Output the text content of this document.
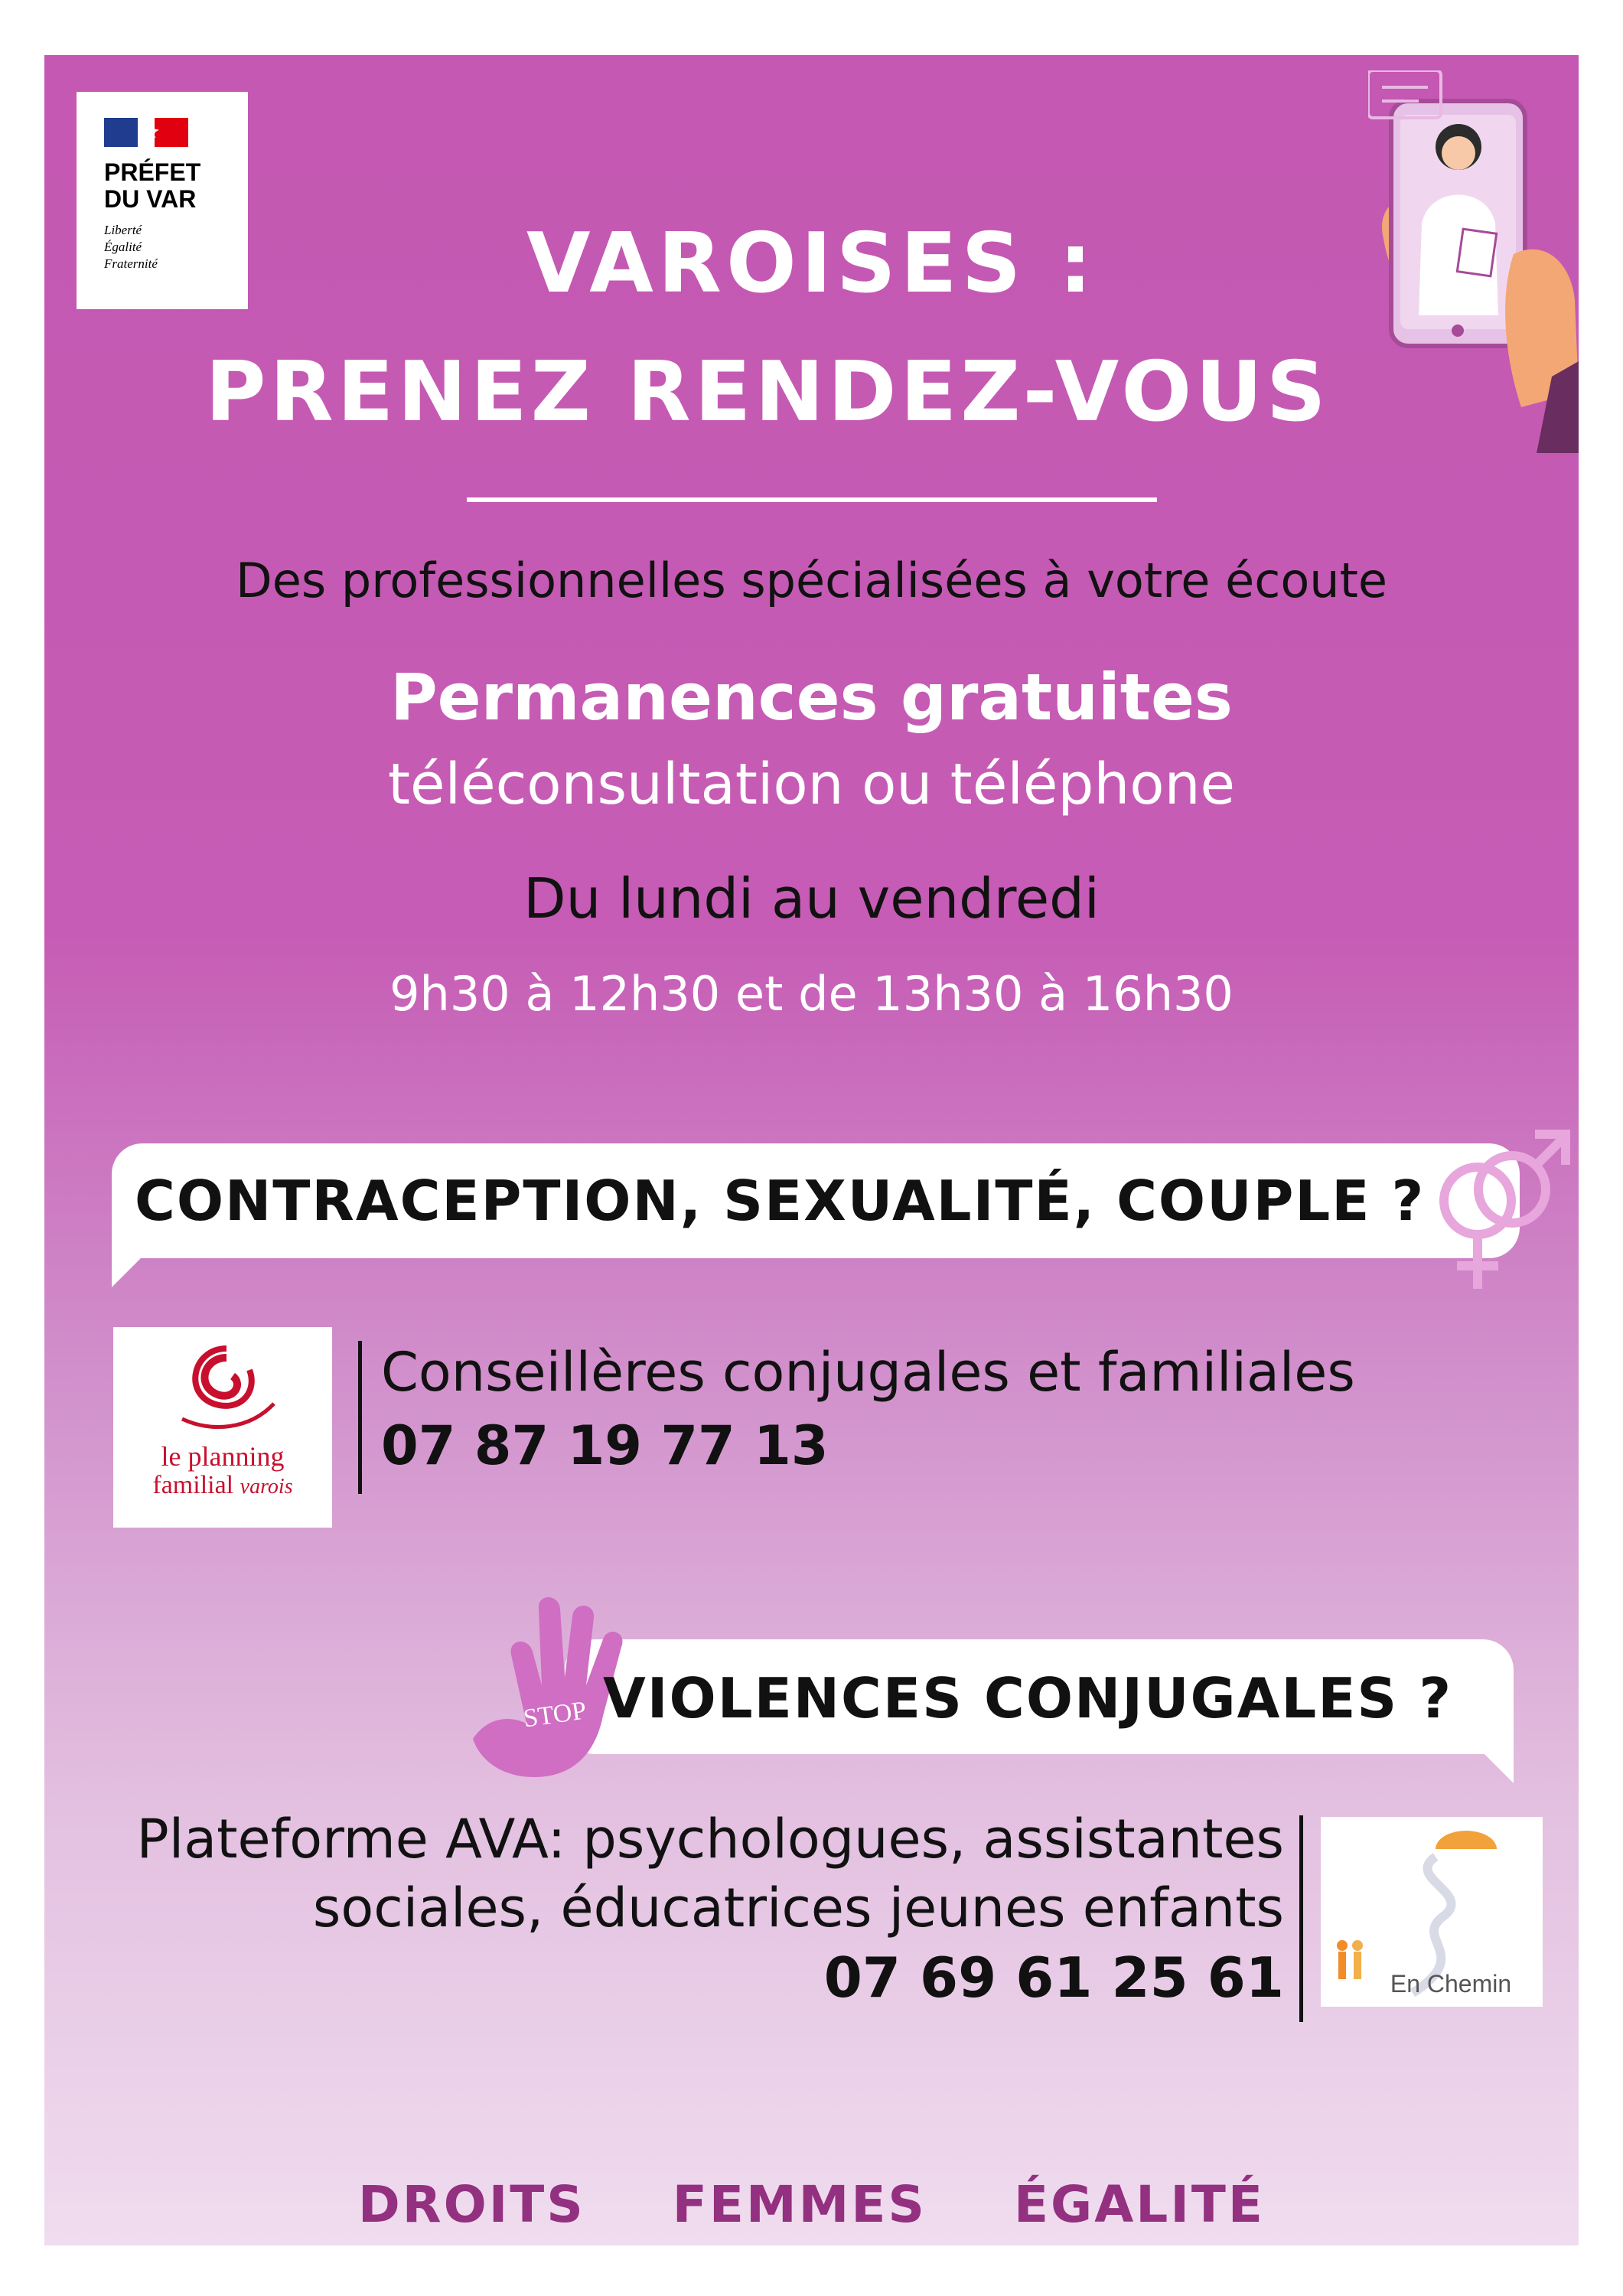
PRÉFET
DU VAR
Liberté
Égalité
Fraternité	VAROISES :
PRENEZ RENDEZ-VOUS
Des professionnelles spécialisées à votre écoute
Permanences gratuites
téléconsultation ou téléphone
Du lundi au vendredi
9h30 à 12h30 et de 13h30 à 16h30
CONTRACEPTION, SEXUALITÉ, COUPLE ?
le planning
familial varois
Conseillères conjugales et familiales
07 87 19 77 13
STOP VIOLENCES CONJUGALES ?
Plateforme AVA: psychologues, assistantes
sociales, éducatrices jeunes enfants
07 69 61 25 61	En Chemin
DROITS FEMMES ÉGALITÉ
